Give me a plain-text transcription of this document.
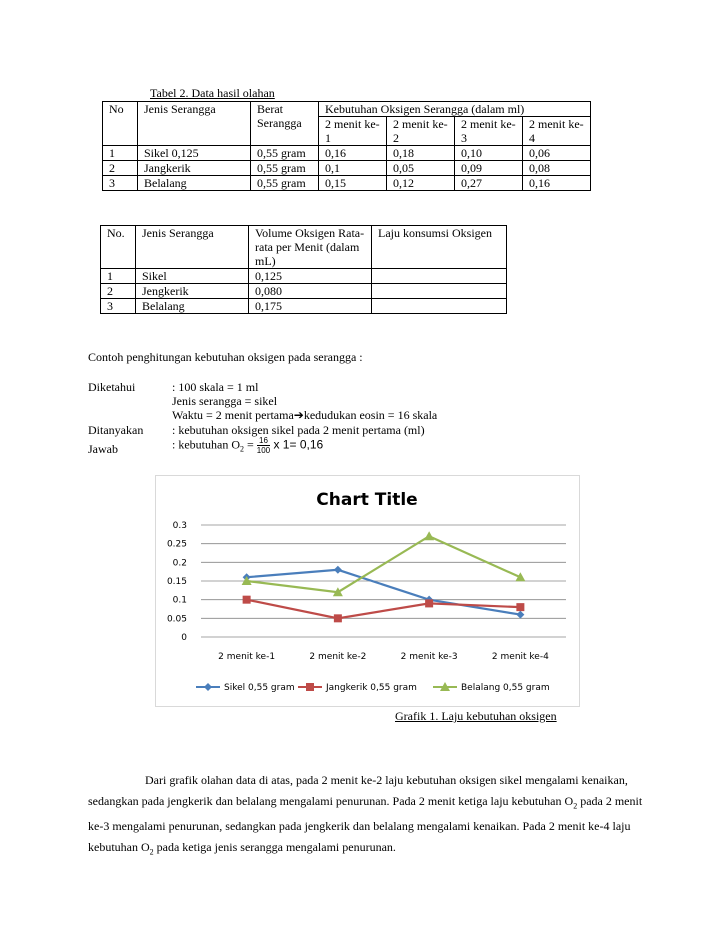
Tabel 2. Data hasil olahan
No	Jenis Serangga	Berat Serangga	Kebutuhan Oksigen Serangga (dalam ml)			
			2 menit ke-1	2 menit ke-2	2 menit ke-3	2 menit ke-4
1	Sikel 0,125	0,55 gram	0,16	0,18	0,10	0,06
2	Jangkerik	0,55 gram	0,1	0,05	0,09	0,08
3	Belalang	0,55 gram	0,15	0,12	0,27	0,16
No.	Jenis Serangga	Volume Oksigen Rata-rata per Menit (dalam mL)	Laju konsumsi Oksigen
1	Sikel	0,125	
2	Jengkerik	0,080	
3	Belalang	0,175	
Contoh penghitungan kebutuhan oksigen pada serangga :
Diketahui	: 100 skala = 1 ml
Jenis serangga = sikel
Waktu = 2 menit pertama➔kedudukan eosin = 16 skala
Ditanyakan : kebutuhan oksigen sikel pada 2 menit pertama (ml)
Jawab	: kebutuhan $O_2 = \frac{16}{100}$ x 1= 0,16
Chart Title
0
0.05
0.1
0.15
0.2
0.25
0.3
2 menit ke-1	2 menit ke-2	2 menit ke-3	2 menit ke-4
Sikel 0,55 gram	Jangkerik 0,55 gram	Belalang 0,55 gram
Grafik 1. Laju kebutuhan oksigen
Dari grafik olahan data di atas, pada 2 menit ke-2 laju kebutuhan oksigen sikel mengalami kenaikan, sedangkan pada jengkerik dan belalang mengalami penurunan. Pada 2 menit ketiga laju kebutuhan $O_2$ pada 2 menit ke-3 mengalami penurunan, sedangkan pada jengkerik dan belalang mengalami kenaikan. Pada 2 menit ke-4 laju kebutuhan $O_2$ pada ketiga jenis serangga mengalami penurunan.
